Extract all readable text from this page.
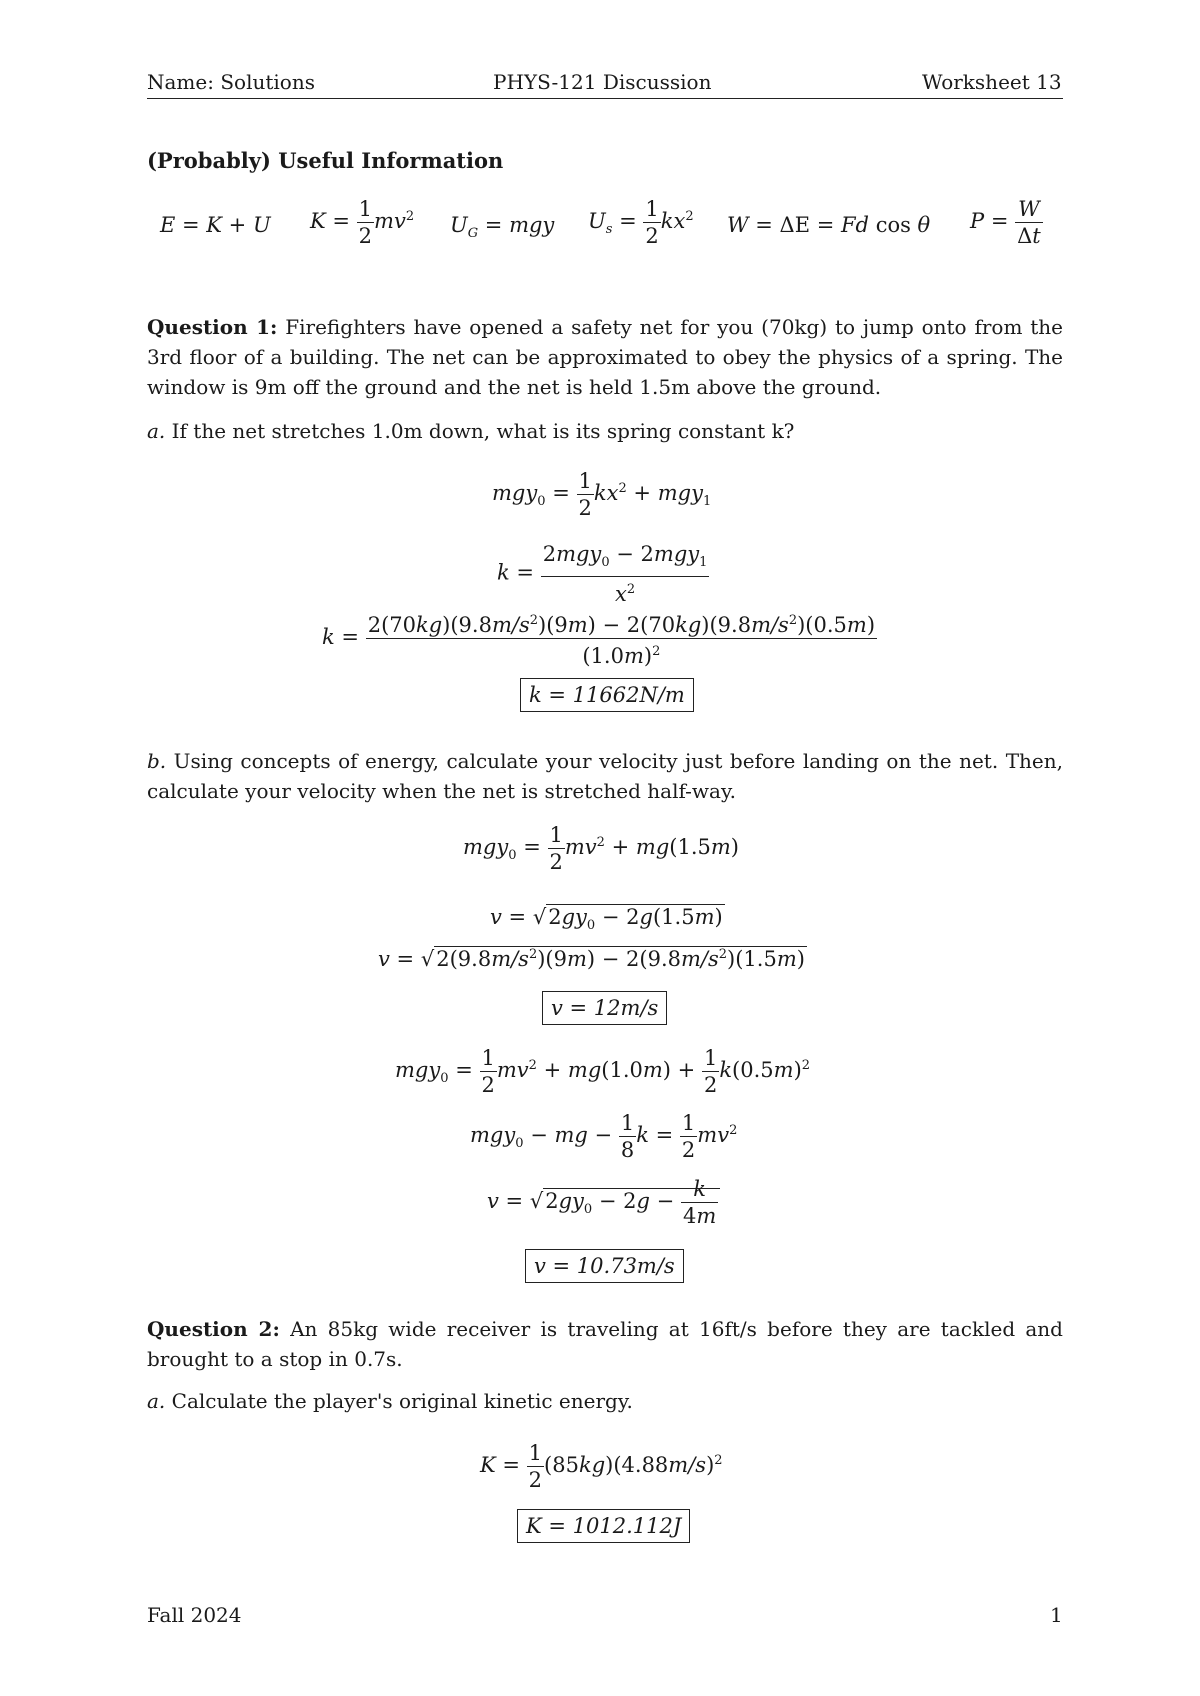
Name: Solutions	PHYS-121 Discussion	Worksheet 13
(Probably) Useful Information
E = K + U $K = \frac{1}{2} mv^2$ $U_G$ = mgy $U_s = \frac{1}{2} kx^2$ W = ΔE = Fd cos θ $P = \frac{W}{\Delta t}$
Question 1: Firefighters have opened a safety net for you (70kg) to jump onto from the 3rd floor of a building. The net can be approximated to obey the physics of a spring. The window is 9m off the ground and the net is held 1.5m above the ground.
a. If the net stretches 1.0m down, what is its spring constant k?
$mgy_0 = \frac{1}{2} kx^2 + mgy_1$
$k = \frac{2mgy_0 - 2mgy_1}{x^2}$
$k = \frac{2(70kg)(9.8m/s^2)(9m) - 2(70kg)(9.8m/s^2)(0.5m)}{(1.0m)^2}$
k = 11662N/m
b. Using concepts of energy, calculate your velocity just before landing on the net. Then, calculate your velocity when the net is stretched half-way.
$mgy_0 = \frac{1}{2} mv^2 + mg(1.5m)$
$v = √2gy_0 - 2g(1.5m)$
$v = √2(9.8m/s^2)(9m) - 2(9.8m/s^2)(1.5m)$
v = 12m/s
$mgy_0 = \frac{1}{2} mv^2 + mg(1.0m) + \frac{1}{2} k(0.5m)^2$
mgy$_0$ − mg − $\frac{1}{8}$ $k = \frac{1}{2} mv^2$
$v = √2gy_0 - 2g - \frac{k}{4m}$
v = 10.73m/s
Question 2: An 85kg wide receiver is traveling at 16ft/s before they are tackled and brought to a stop in 0.7s.
a. Calculate the player's original kinetic energy.
$K = \frac{1}{2} (85kg)(4.88m/s)^2$
K = 1012.112J
Fall 2024	1
